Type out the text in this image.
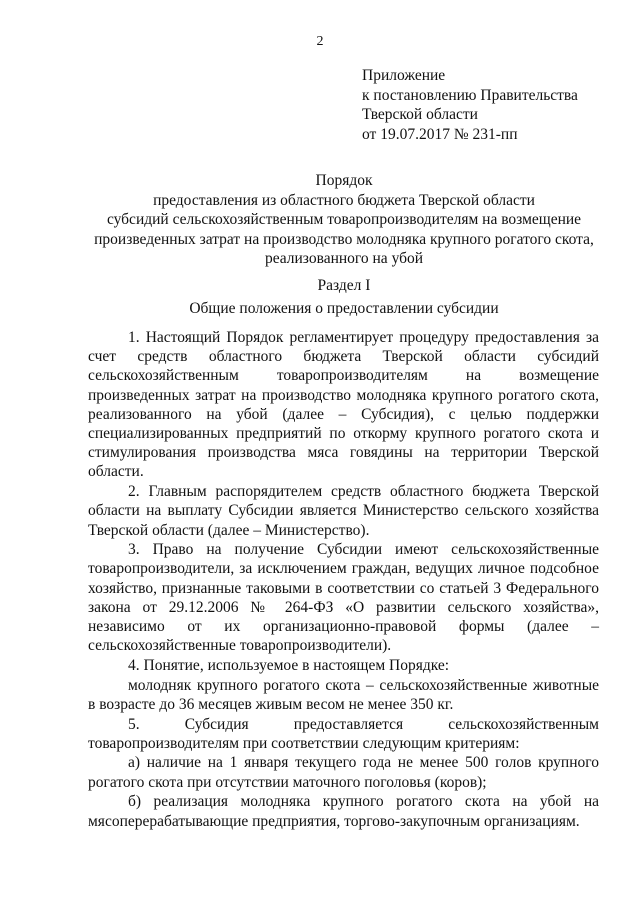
2
Приложение
к постановлению Правительства
Тверской области
от 19.07.2017 № 231-пп
Порядок
предоставления из областного бюджета Тверской области
субсидий сельскохозяйственным товаропроизводителям на возмещение
произведенных затрат на производство молодняка крупного рогатого скота,
реализованного на убой
Раздел I
Общие положения о предоставлении субсидии

1. Настоящий Порядок регламентирует процедуру предоставления за счет средств областного бюджета Тверской области субсидий сельскохозяйственным товаропроизводителям на возмещение произведенных затрат на производство молодняка крупного рогатого скота, реализованного на убой (далее – Субсидия), с целью поддержки специализированных предприятий по откорму крупного рогатого скота и стимулирования производства мяса говядины на территории Тверской области.

2. Главным распорядителем средств областного бюджета Тверской области на выплату Субсидии является Министерство сельского хозяйства Тверской области (далее – Министерство).

3. Право на получение Субсидии имеют сельскохозяйственные товаропроизводители, за исключением граждан, ведущих личное подсобное хозяйство, признанные таковыми в соответствии со статьей 3 Федерального закона от 29.12.2006 № 264-ФЗ «О развитии сельского хозяйства», независимо от их организационно-правовой формы (далее – сельскохозяйственные товаропроизводители).

4. Понятие, используемое в настоящем Порядке:

молодняк крупного рогатого скота – сельскохозяйственные животные в возрасте до 36 месяцев живым весом не менее 350 кг.

5. Субсидия предоставляется сельскохозяйственным товаропроизводителям при соответствии следующим критериям:

а) наличие на 1 января текущего года не менее 500 голов крупного рогатого скота при отсутствии маточного поголовья (коров);

б) реализация молодняка крупного рогатого скота на убой на мясоперерабатывающие предприятия, торгово-закупочным организациям.
